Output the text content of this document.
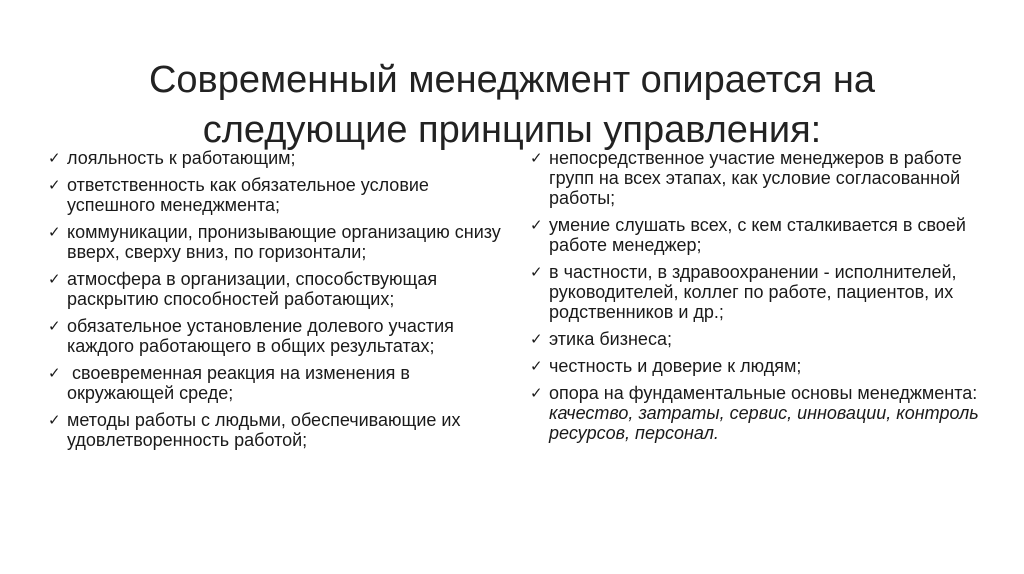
Современный менеджмент опирается на следующие принципы управления:
✓ лояльность к работающим;
✓ ответственность как обязательное условие успешного менеджмента;
✓ коммуникации, пронизывающие организацию снизу вверх, сверху вниз, по горизонтали;
✓ атмосфера в организации, способствующая раскрытию способностей работающих;
✓ обязательное установление долевого участия каждого работающего в общих результатах;
✓ своевременная реакция на изменения в окружающей среде;
✓ методы работы с людьми, обеспечивающие их удовлетворенность работой;
✓ непосредственное участие менеджеров в работе групп на всех этапах, как условие согласованной работы;
✓ умение слушать всех, с кем сталкивается в своей работе менеджер;
✓ в частности, в здравоохранении - исполнителей, руководителей, коллег по работе, пациентов, их родственников и др.;
✓ этика бизнеса;
✓ честность и доверие к людям;
✓ опора на фундаментальные основы менеджмента: качество, затраты, сервис, инновации, контроль ресурсов, персонал.
